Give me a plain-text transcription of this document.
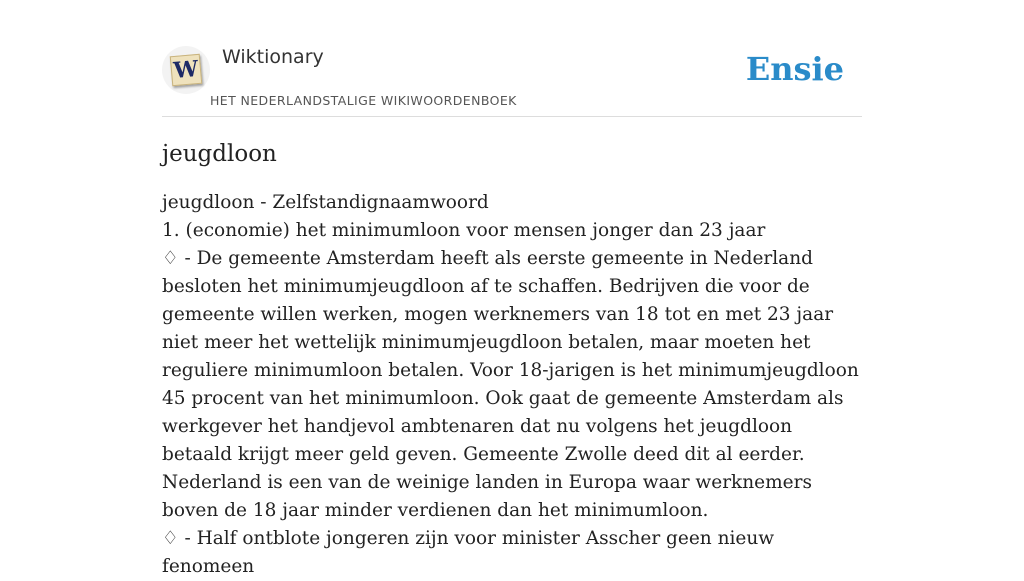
W Wiktionary
HET NEDERLANDSTALIGE WIKIWOORDENBOEK
Ensie
jeugdloon

jeugdloon - Zelfstandignaamwoord

1. (economie) het minimumloon voor mensen jonger dan 23 jaar

♢ - De gemeente Amsterdam heeft als eerste gemeente in Nederland besloten het minimumjeugdloon af te schaffen. Bedrijven die voor de gemeente willen werken, mogen werknemers van 18 tot en met 23 jaar niet meer het wettelijk minimumjeugdloon betalen, maar moeten het reguliere minimumloon betalen. Voor 18-jarigen is het minimumjeugdloon 45 procent van het minimumloon. Ook gaat de gemeente Amsterdam als werkgever het handjevol ambtenaren dat nu volgens het jeugdloon betaald krijgt meer geld geven. Gemeente Zwolle deed dit al eerder. Nederland is een van de weinige landen in Europa waar werknemers boven de 18 jaar minder verdienen dan het minimumloon.

♢ - Half ontblote jongeren zijn voor minister Asscher geen nieuw fenomeen
